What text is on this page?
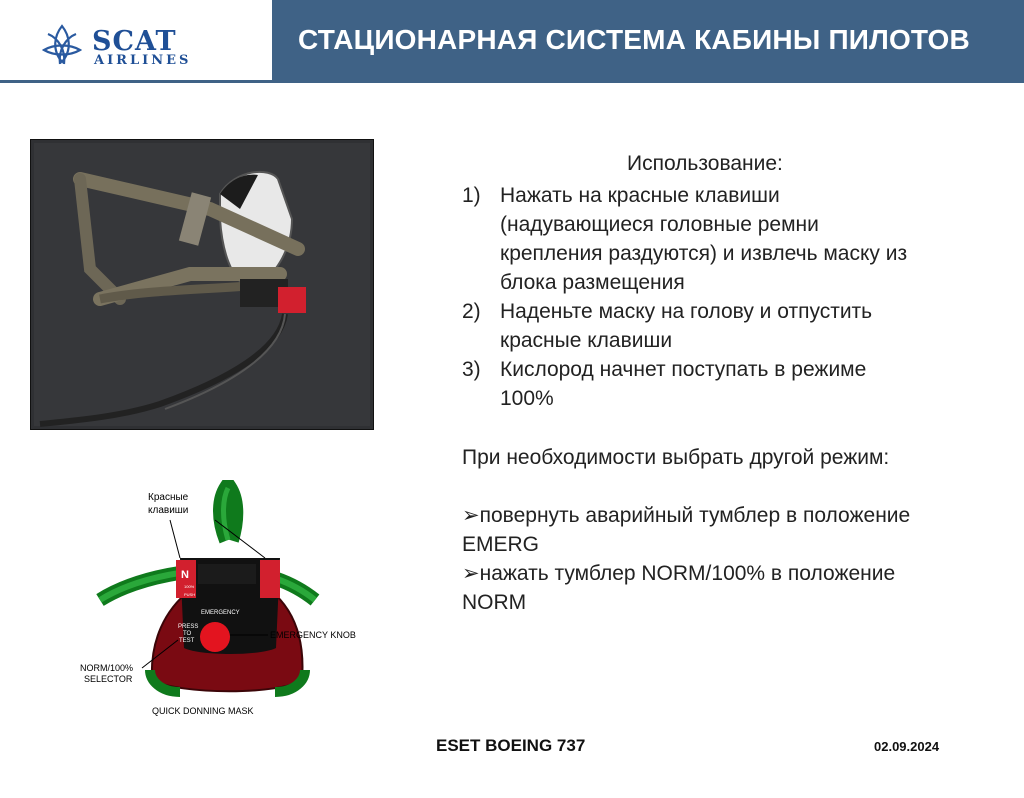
SCAT
AIRLINES
СТАЦИОНАРНАЯ СИСТЕМА КАБИНЫ ПИЛОТОВ
Использование:
1) Нажать на красные клавиши
(надувающиеся головные ремни
крепления раздуются) и извлечь маску из
блока размещения
2) Наденьте маску на голову и отпустить
красные клавиши
3) Кислород начнет поступать в режиме
100%
При необходимости выбрать другой режим:
➢повернуть аварийный тумблер в положение
EMERG
➢нажать тумблер NORM/100% в положение
NORM
N
100%
PUSH
EMERGENCY
PRESS
TO
TEST
Красные
клавиши
EMERGENCY KNOB
NORM/100%
SELECTOR
QUICK DONNING MASK
ESET BOEING 737	02.09.2024
